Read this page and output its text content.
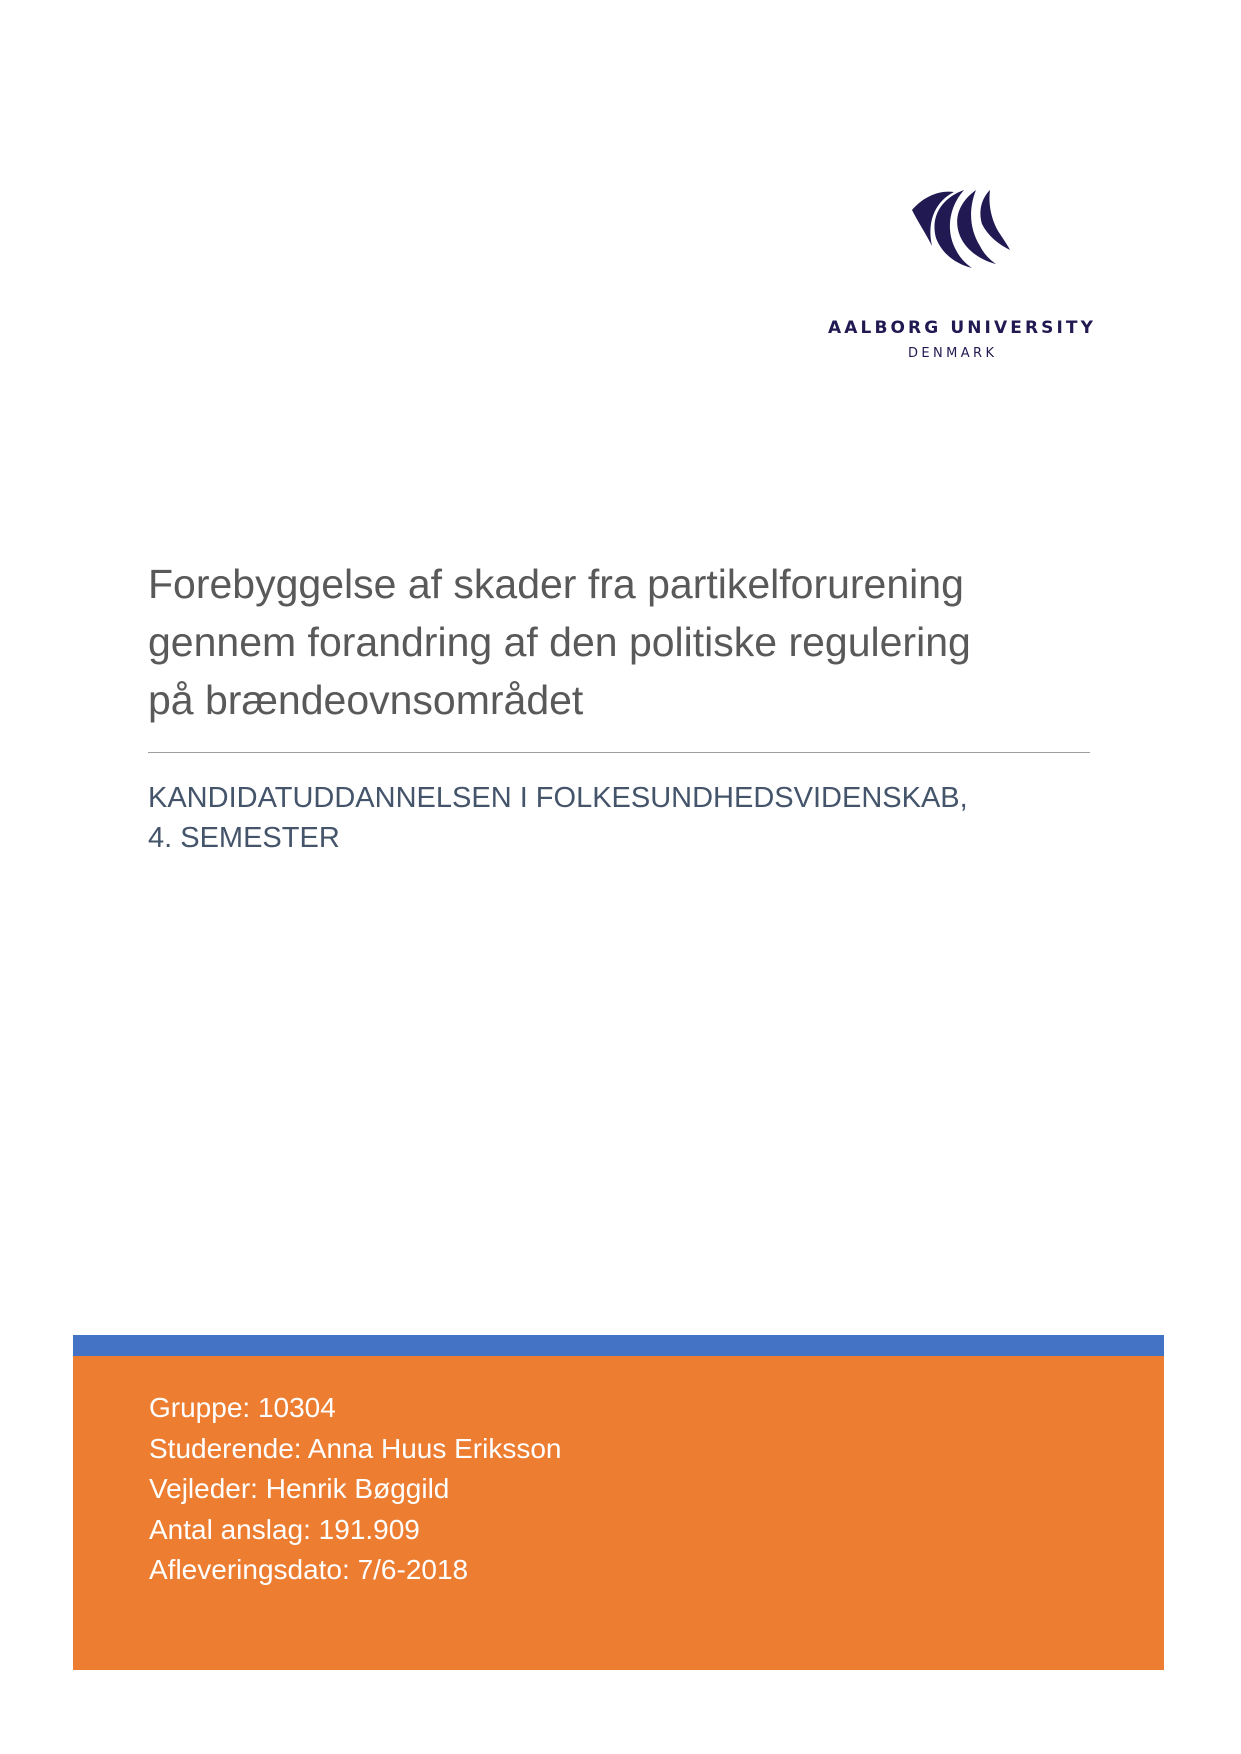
AALBORG UNIVERSITY
DENMARK
Forebyggelse af skader fra partikelforurening
gennem forandring af den politiske regulering
på brændeovnsområdet
KANDIDATUDDANNELSEN I FOLKESUNDHEDSVIDENSKAB,
4. SEMESTER
Gruppe: 10304
Studerende: Anna Huus Eriksson
Vejleder: Henrik Bøggild
Antal anslag: 191.909
Afleveringsdato: 7/6-2018
